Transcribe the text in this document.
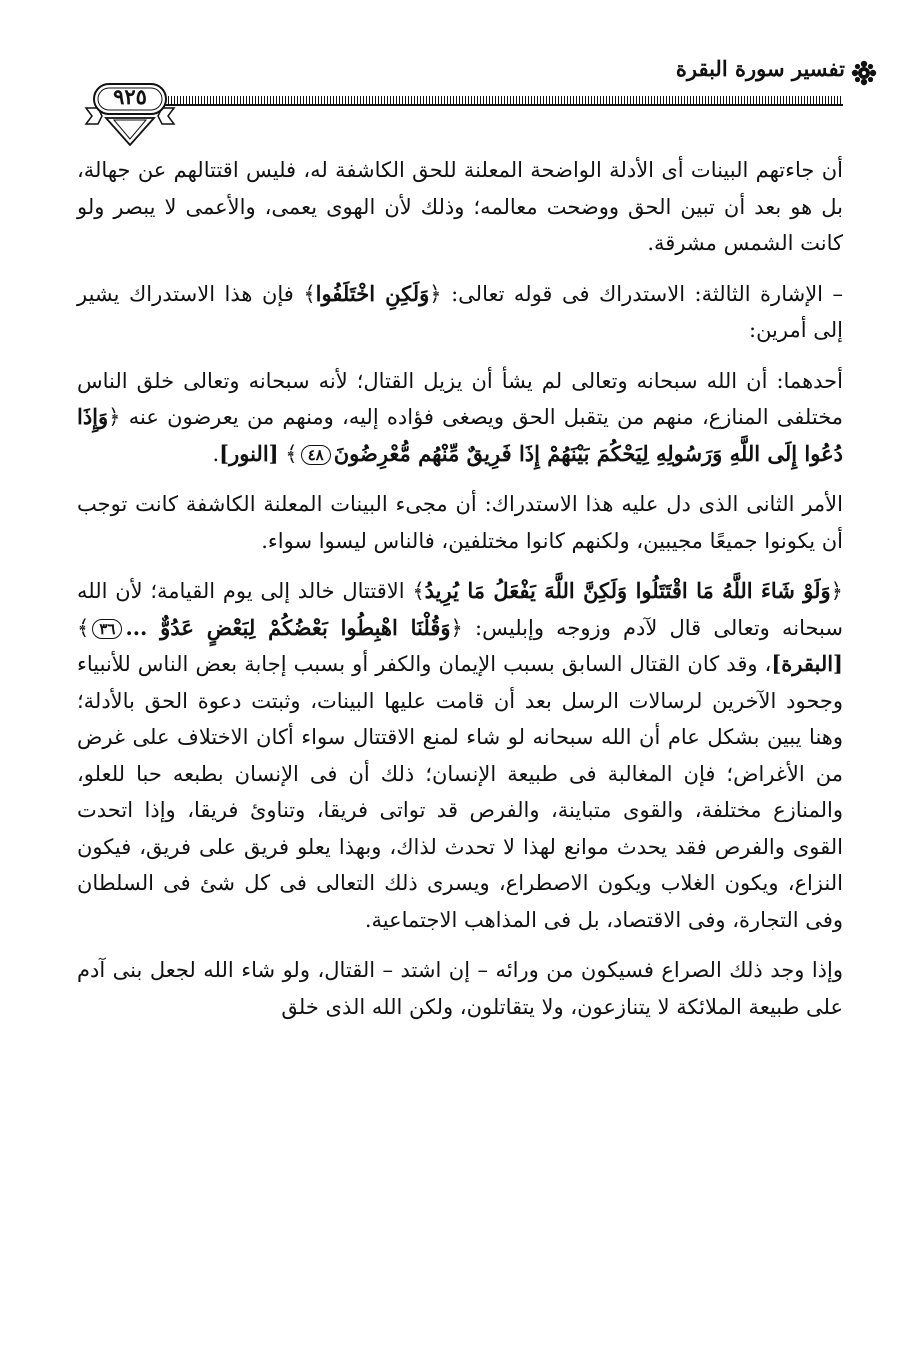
تفسير سورة البقرة
٩٢٥

أن جاءتهم البينات أى الأدلة الواضحة المعلنة للحق الكاشفة له، فليس اقتتالهم عن جهالة، بل هو بعد أن تبين الحق ووضحت معالمه؛ وذلك لأن الهوى يعمى، والأعمى لا يبصر ولو كانت الشمس مشرقة.

– الإشارة الثالثة: الاستدراك فى قوله تعالى: ﴿وَلَكِنِ اخْتَلَفُوا﴾ فإن هذا الاستدراك يشير إلى أمرين:

أحدهما: أن الله سبحانه وتعالى لم يشأ أن يزيل القتال؛ لأنه سبحانه وتعالى خلق الناس مختلفى المنازع، منهم من يتقبل الحق ويصغى فؤاده إليه، ومنهم من يعرضون عنه ﴿وَإِذَا دُعُوا إِلَى اللَّهِ وَرَسُولِهِ لِيَحْكُمَ بَيْنَهُمْ إِذَا فَرِيقٌ مِّنْهُم مُّعْرِضُونَ٤٨﴾ [النور].

الأمر الثانى الذى دل عليه هذا الاستدراك: أن مجىء البينات المعلنة الكاشفة كانت توجب أن يكونوا جميعًا مجيبين، ولكنهم كانوا مختلفين، فالناس ليسوا سواء.

﴿وَلَوْ شَاءَ اللَّهُ مَا اقْتَتَلُوا وَلَكِنَّ اللَّهَ يَفْعَلُ مَا يُرِيدُ﴾ الاقتتال خالد إلى يوم القيامة؛ لأن الله سبحانه وتعالى قال لآدم وزوجه وإبليس: ﴿وَقُلْنَا اهْبِطُوا بَعْضُكُمْ لِبَعْضٍ عَدُوٌّ ...٣٦﴾ [البقرة]، وقد كان القتال السابق بسبب الإيمان والكفر أو بسبب إجابة بعض الناس للأنبياء وجحود الآخرين لرسالات الرسل بعد أن قامت عليها البينات، وثبتت دعوة الحق بالأدلة؛ وهنا يبين بشكل عام أن الله سبحانه لو شاء لمنع الاقتتال سواء أكان الاختلاف على غرض من الأغراض؛ فإن المغالبة فى طبيعة الإنسان؛ ذلك أن فى الإنسان بطبعه حبا للعلو، والمنازع مختلفة، والقوى متباينة، والفرص قد تواتى فريقا، وتناوئ فريقا، وإذا اتحدت القوى والفرص فقد يحدث موانع لهذا لا تحدث لذاك، وبهذا يعلو فريق على فريق، فيكون النزاع، ويكون الغلاب ويكون الاصطراع، ويسرى ذلك التعالى فى كل شئ فى السلطان وفى التجارة، وفى الاقتصاد، بل فى المذاهب الاجتماعية.

وإذا وجد ذلك الصراع فسيكون من ورائه – إن اشتد – القتال، ولو شاء الله لجعل بنى آدم على طبيعة الملائكة لا يتنازعون، ولا يتقاتلون، ولكن الله الذى خلق
